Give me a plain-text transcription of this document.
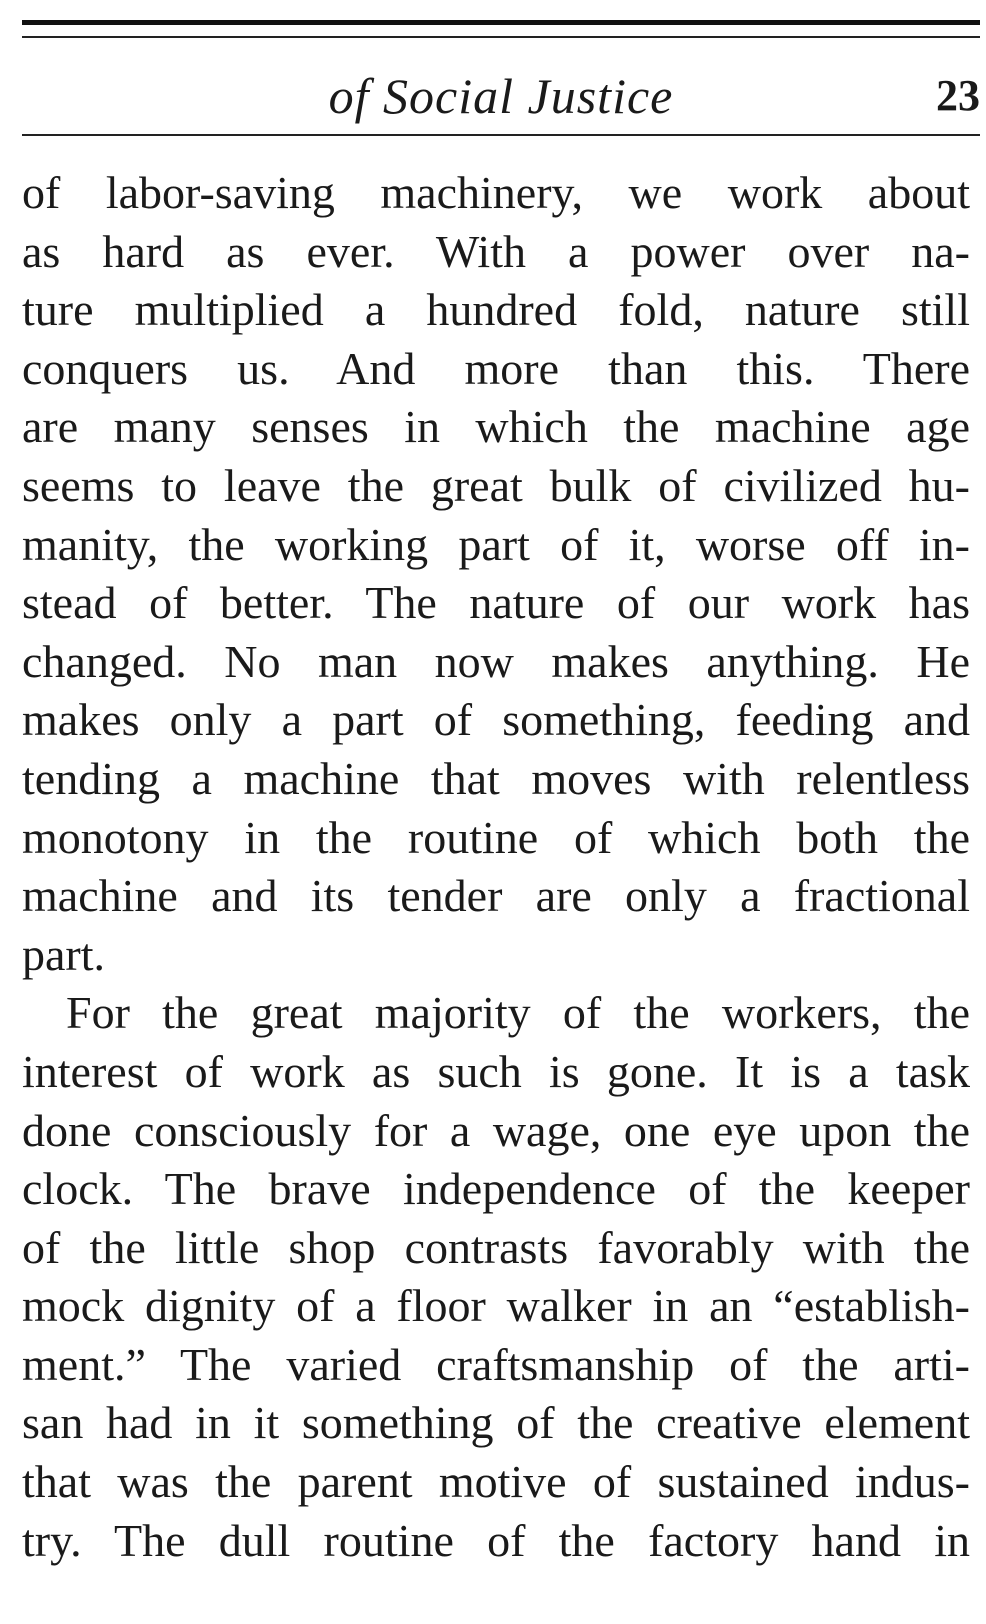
of Social Justice	23
of labor-saving machinery, we work about
as hard as ever. With a power over na-
ture multiplied a hundred fold, nature still
conquers us. And more than this. There
are many senses in which the machine age
seems to leave the great bulk of civilized hu-
manity, the working part of it, worse off in-
stead of better. The nature of our work has
changed. No man now makes anything. He
makes only a part of something, feeding and
tending a machine that moves with relentless
monotony in the routine of which both the
machine and its tender are only a fractional
part.
For the great majority of the workers, the
interest of work as such is gone. It is a task
done consciously for a wage, one eye upon the
clock. The brave independence of the keeper
of the little shop contrasts favorably with the
mock dignity of a floor walker in an “establish-
ment.” The varied craftsmanship of the arti-
san had in it something of the creative element
that was the parent motive of sustained indus-
try. The dull routine of the factory hand in
